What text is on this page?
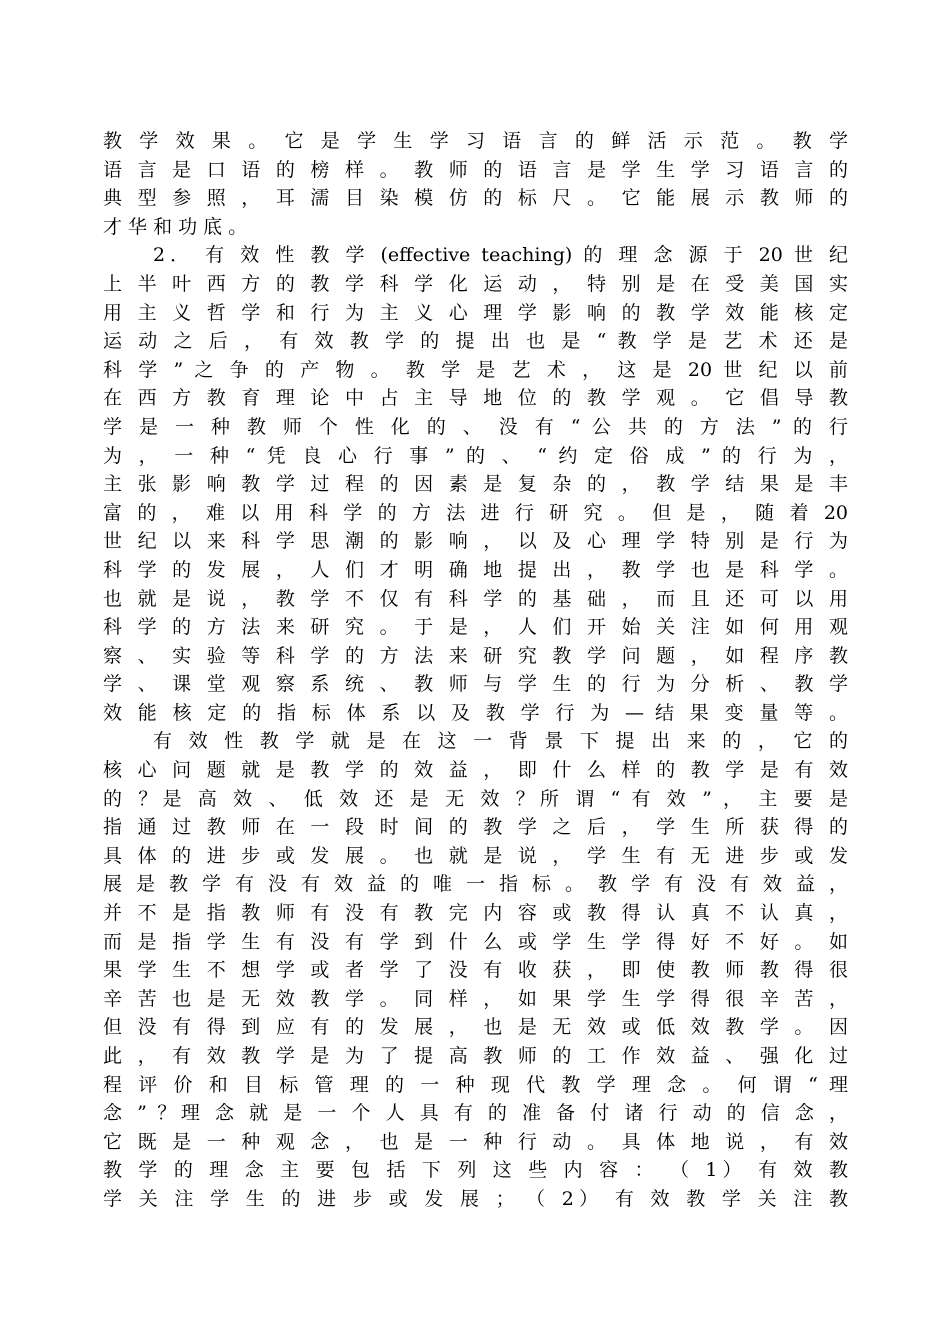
教 学 效 果 。 它 是 学 生 学 习 语 言 的 鲜 活 示 范 。 教 学
语 言 是 口 语 的 榜 样 。 教 师 的 语 言 是 学 生 学 习 语 言 的
典 型 参 照 ， 耳 濡 目 染 模 仿 的 标 尺 。 它 能 展 示 教 师 的
才 华 和 功 底 。
2． 有 效 性 教 学 (effective teaching) 的 理 念 源 于 20 世 纪
上 半 叶 西 方 的 教 学 科 学 化 运 动 ， 特 别 是 在 受 美 国 实
用 主 义 哲 学 和 行 为 主 义 心 理 学 影 响 的 教 学 效 能 核 定
运 动 之 后 ， 有 效 教 学 的 提 出 也 是 “ 教 学 是 艺 术 还 是
科 学 ” 之 争 的 产 物 。 教 学 是 艺 术 ， 这 是 20 世 纪 以 前
在 西 方 教 育 理 论 中 占 主 导 地 位 的 教 学 观 。 它 倡 导 教
学 是 一 种 教 师 个 性 化 的 、 没 有 “ 公 共 的 方 法 ” 的 行
为 ， 一 种 “ 凭 良 心 行 事 ” 的 、 “ 约 定 俗 成 ” 的 行 为 ，
主 张 影 响 教 学 过 程 的 因 素 是 复 杂 的 ， 教 学 结 果 是 丰
富 的 ， 难 以 用 科 学 的 方 法 进 行 研 究 。 但 是 ， 随 着 20
世 纪 以 来 科 学 思 潮 的 影 响 ， 以 及 心 理 学 特 别 是 行 为
科 学 的 发 展 ， 人 们 才 明 确 地 提 出 ， 教 学 也 是 科 学 。
也 就 是 说 ， 教 学 不 仅 有 科 学 的 基 础 ， 而 且 还 可 以 用
科 学 的 方 法 来 研 究 。 于 是 ， 人 们 开 始 关 注 如 何 用 观
察 、 实 验 等 科 学 的 方 法 来 研 究 教 学 问 题 ， 如 程 序 教
学 、 课 堂 观 察 系 统 、 教 师 与 学 生 的 行 为 分 析 、 教 学
效 能 核 定 的 指 标 体 系 以 及 教 学 行 为 — 结 果 变 量 等 。
有 效 性 教 学 就 是 在 这 一 背 景 下 提 出 来 的 ， 它 的
核 心 问 题 就 是 教 学 的 效 益 ， 即 什 么 样 的 教 学 是 有 效
的 ？是 高 效 、 低 效 还 是 无 效 ？所 谓 “ 有 效 ” ， 主 要 是
指 通 过 教 师 在 一 段 时 间 的 教 学 之 后 ， 学 生 所 获 得 的
具 体 的 进 步 或 发 展 。 也 就 是 说 ， 学 生 有 无 进 步 或 发
展 是 教 学 有 没 有 效 益 的 唯 一 指 标 。 教 学 有 没 有 效 益 ，
并 不 是 指 教 师 有 没 有 教 完 内 容 或 教 得 认 真 不 认 真 ，
而 是 指 学 生 有 没 有 学 到 什 么 或 学 生 学 得 好 不 好 。 如
果 学 生 不 想 学 或 者 学 了 没 有 收 获 ， 即 使 教 师 教 得 很
辛 苦 也 是 无 效 教 学 。 同 样 ， 如 果 学 生 学 得 很 辛 苦 ，
但 没 有 得 到 应 有 的 发 展 ， 也 是 无 效 或 低 效 教 学 。 因
此 ， 有 效 教 学 是 为 了 提 高 教 师 的 工 作 效 益 、 强 化 过
程 评 价 和 目 标 管 理 的 一 种 现 代 教 学 理 念 。 何 谓 “ 理
念 ” ？理 念 就 是 一 个 人 具 有 的 准 备 付 诸 行 动 的 信 念 ，
它 既 是 一 种 观 念 ， 也 是 一 种 行 动 。 具 体 地 说 ， 有 效
教 学 的 理 念 主 要 包 括 下 列 这 些 内 容 ： （ 1） 有 效 教
学 关 注 学 生 的 进 步 或 发 展 ； （ 2） 有 效 教 学 关 注 教
